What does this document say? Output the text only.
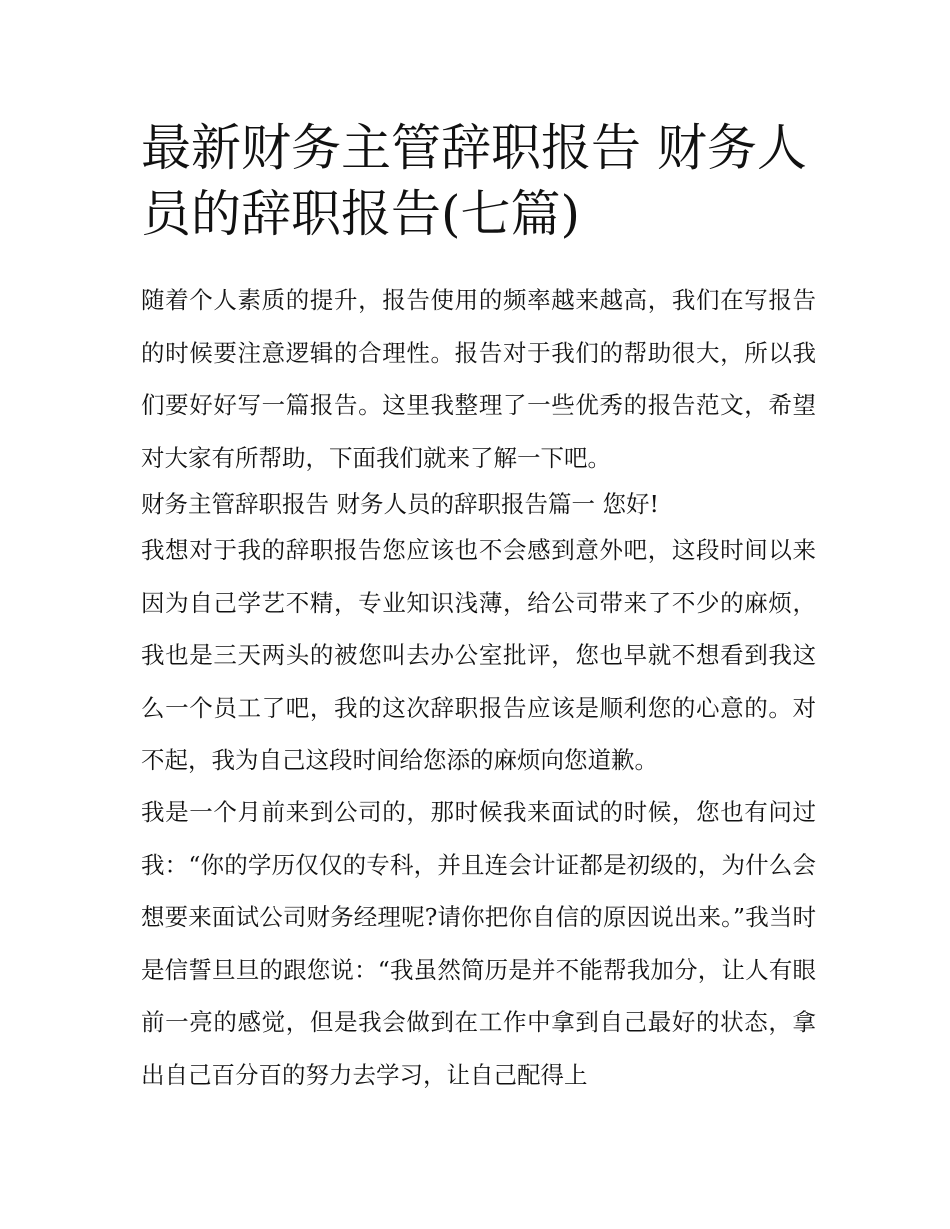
最新财务主管辞职报告 财务人员的辞职报告(七篇)

随着个人素质的提升，报告使用的频率越来越高，我们在写报告的时候要注意逻辑的合理性。报告对于我们的帮助很大，所以我们要好好写一篇报告。这里我整理了一些优秀的报告范文，希望对大家有所帮助，下面我们就来了解一下吧。

财务主管辞职报告 财务人员的辞职报告篇一 您好!

我想对于我的辞职报告您应该也不会感到意外吧，这段时间以来因为自己学艺不精，专业知识浅薄，给公司带来了不少的麻烦，我也是三天两头的被您叫去办公室批评，您也早就不想看到我这么一个员工了吧，我的这次辞职报告应该是顺利您的心意的。对不起，我为自己这段时间给您添的麻烦向您道歉。

我是一个月前来到公司的，那时候我来面试的时候，您也有问过我：“你的学历仅仅的专科，并且连会计证都是初级的，为什么会想要来面试公司财务经理呢?请你把你自信的原因说出来。”我当时是信誓旦旦的跟您说：“我虽然简历是并不能帮我加分，让人有眼前一亮的感觉，但是我会做到在工作中拿到自己最好的状态，拿出自己百分百的努力去学习，让自己配得上
